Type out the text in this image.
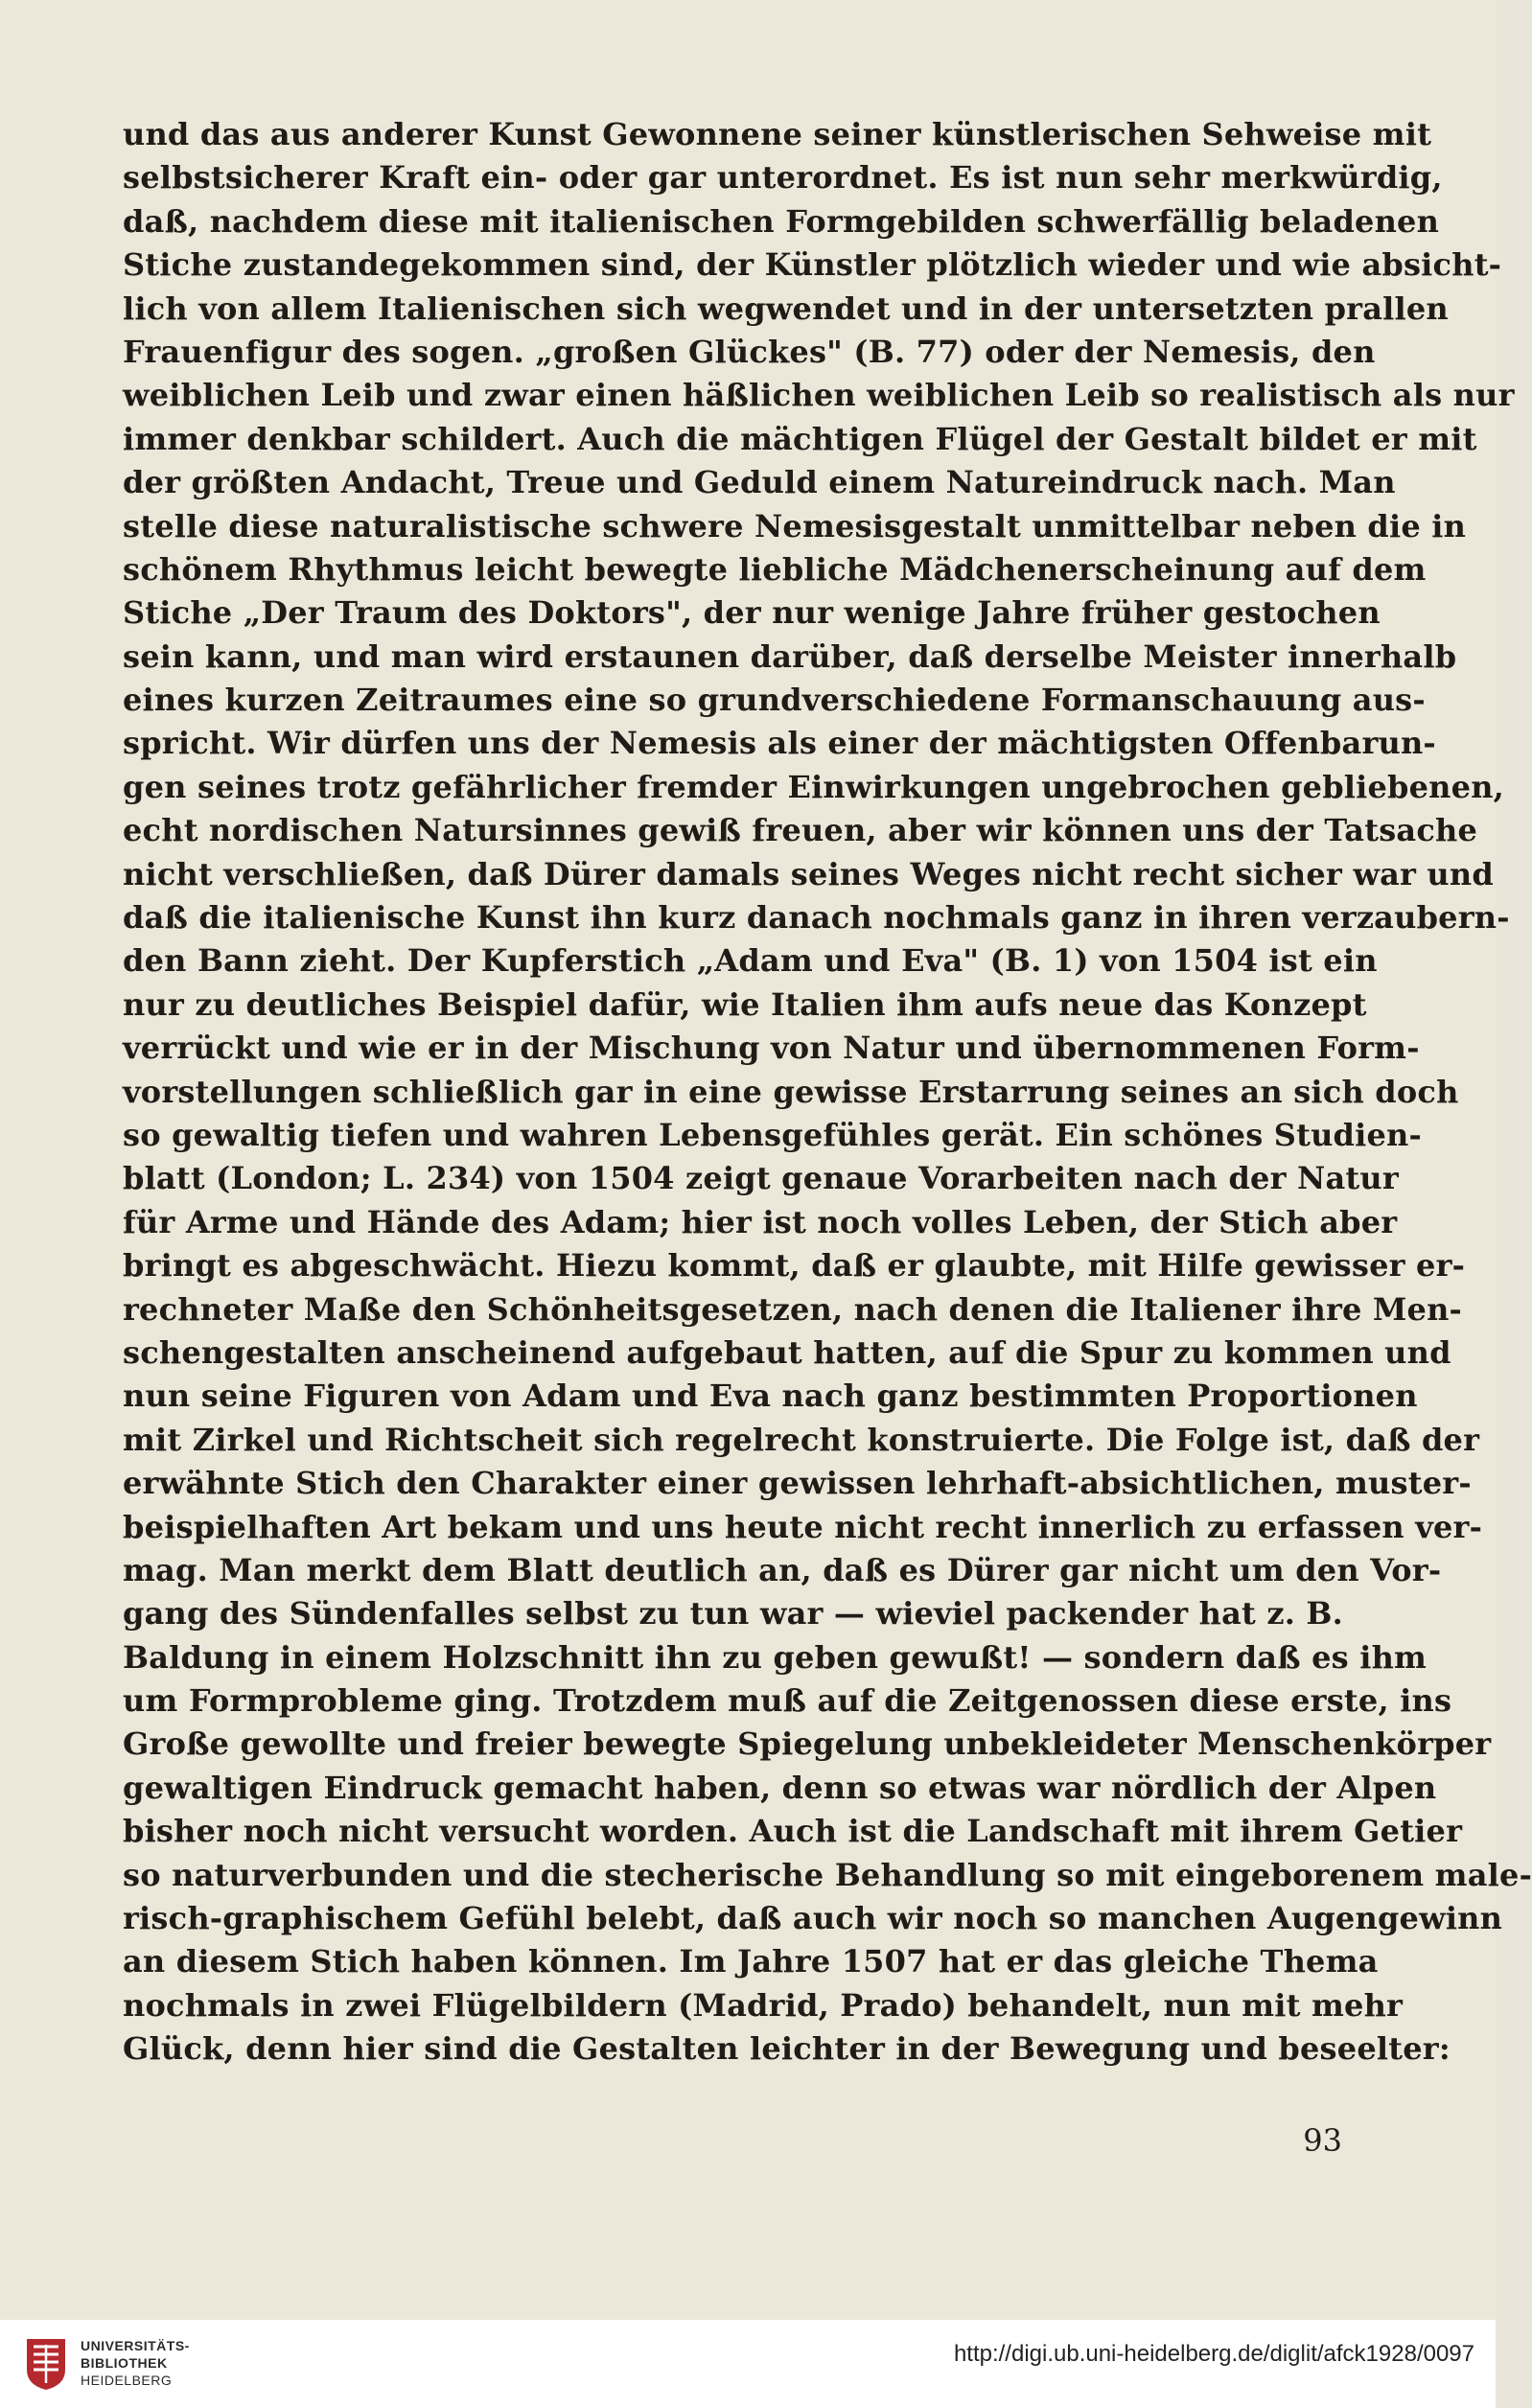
und das aus anderer Kunst Gewonnene seiner künstlerischen Sehweise mit
selbstsicherer Kraft ein- oder gar unterordnet. Es ist nun sehr merkwürdig,
daß, nachdem diese mit italienischen Formgebilden schwerfällig beladenen
Stiche zustandegekommen sind, der Künstler plötzlich wieder und wie absicht-
lich von allem Italienischen sich wegwendet und in der untersetzten prallen
Frauenfigur des sogen. „großen Glückes" (B. 77) oder der Nemesis, den
weiblichen Leib und zwar einen häßlichen weiblichen Leib so realistisch als nur
immer denkbar schildert. Auch die mächtigen Flügel der Gestalt bildet er mit
der größten Andacht, Treue und Geduld einem Natureindruck nach. Man
stelle diese naturalistische schwere Nemesisgestalt unmittelbar neben die in
schönem Rhythmus leicht bewegte liebliche Mädchenerscheinung auf dem
Stiche „Der Traum des Doktors", der nur wenige Jahre früher gestochen
sein kann, und man wird erstaunen darüber, daß derselbe Meister innerhalb
eines kurzen Zeitraumes eine so grundverschiedene Formanschauung aus-
spricht. Wir dürfen uns der Nemesis als einer der mächtigsten Offenbarun-
gen seines trotz gefährlicher fremder Einwirkungen ungebrochen gebliebenen,
echt nordischen Natursinnes gewiß freuen, aber wir können uns der Tatsache
nicht verschließen, daß Dürer damals seines Weges nicht recht sicher war und
daß die italienische Kunst ihn kurz danach nochmals ganz in ihren verzaubern-
den Bann zieht. Der Kupferstich „Adam und Eva" (B. 1) von 1504 ist ein
nur zu deutliches Beispiel dafür, wie Italien ihm aufs neue das Konzept
verrückt und wie er in der Mischung von Natur und übernommenen Form-
vorstellungen schließlich gar in eine gewisse Erstarrung seines an sich doch
so gewaltig tiefen und wahren Lebensgefühles gerät. Ein schönes Studien-
blatt (London; L. 234) von 1504 zeigt genaue Vorarbeiten nach der Natur
für Arme und Hände des Adam; hier ist noch volles Leben, der Stich aber
bringt es abgeschwächt. Hiezu kommt, daß er glaubte, mit Hilfe gewisser er-
rechneter Maße den Schönheitsgesetzen, nach denen die Italiener ihre Men-
schengestalten anscheinend aufgebaut hatten, auf die Spur zu kommen und
nun seine Figuren von Adam und Eva nach ganz bestimmten Proportionen
mit Zirkel und Richtscheit sich regelrecht konstruierte. Die Folge ist, daß der
erwähnte Stich den Charakter einer gewissen lehrhaft-absichtlichen, muster-
beispielhaften Art bekam und uns heute nicht recht innerlich zu erfassen ver-
mag. Man merkt dem Blatt deutlich an, daß es Dürer gar nicht um den Vor-
gang des Sündenfalles selbst zu tun war — wieviel packender hat z. B.
Baldung in einem Holzschnitt ihn zu geben gewußt! — sondern daß es ihm
um Formprobleme ging. Trotzdem muß auf die Zeitgenossen diese erste, ins
Große gewollte und freier bewegte Spiegelung unbekleideter Menschenkörper
gewaltigen Eindruck gemacht haben, denn so etwas war nördlich der Alpen
bisher noch nicht versucht worden. Auch ist die Landschaft mit ihrem Getier
so naturverbunden und die stecherische Behandlung so mit eingeborenem male-
risch-graphischem Gefühl belebt, daß auch wir noch so manchen Augengewinn
an diesem Stich haben können. Im Jahre 1507 hat er das gleiche Thema
nochmals in zwei Flügelbildern (Madrid, Prado) behandelt, nun mit mehr
Glück, denn hier sind die Gestalten leichter in der Bewegung und beseelter:
93
UNIVERSITÄTS-
BIBLIOTHEK
HEIDELBERG
http://digi.ub.uni-heidelberg.de/diglit/afck1928/0097
